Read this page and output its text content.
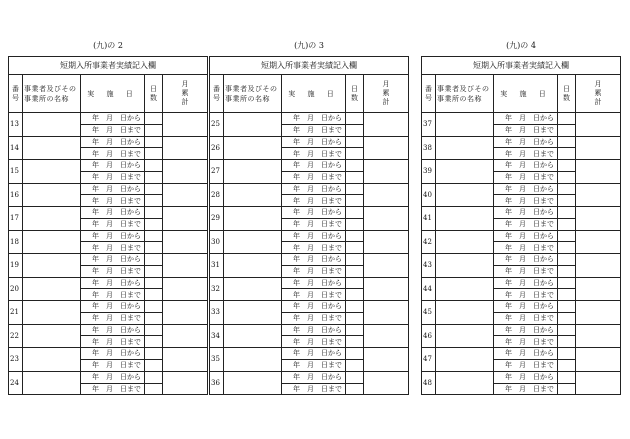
(九)の 2
短期入所事業者実績記入欄
番
号
事業者及びその
事業所の名称
実 施 日
日
数
月
累
計
13
年　月　日から
年　月　日まで
14
年　月　日から
年　月　日まで
15
年　月　日から
年　月　日まで
16
年　月　日から
年　月　日まで
17
年　月　日から
年　月　日まで
18
年　月　日から
年　月　日まで
19
年　月　日から
年　月　日まで
20
年　月　日から
年　月　日まで
21
年　月　日から
年　月　日まで
22
年　月　日から
年　月　日まで
23
年　月　日から
年　月　日まで
24
年　月　日から
年　月　日まで
(九)の 3
短期入所事業者実績記入欄
番
号
事業者及びその
事業所の名称
実 施 日
日
数
月
累
計
25
年　月　日から
年　月　日まで
26
年　月　日から
年　月　日まで
27
年　月　日から
年　月　日まで
28
年　月　日から
年　月　日まで
29
年　月　日から
年　月　日まで
30
年　月　日から
年　月　日まで
31
年　月　日から
年　月　日まで
32
年　月　日から
年　月　日まで
33
年　月　日から
年　月　日まで
34
年　月　日から
年　月　日まで
35
年　月　日から
年　月　日まで
36
年　月　日から
年　月　日まで
(九)の 4
短期入所事業者実績記入欄
番
号
事業者及びその
事業所の名称
実 施 日
日
数
月
累
計
37
年　月　日から
年　月　日まで
38
年　月　日から
年　月　日まで
39
年　月　日から
年　月　日まで
40
年　月　日から
年　月　日まで
41
年　月　日から
年　月　日まで
42
年　月　日から
年　月　日まで
43
年　月　日から
年　月　日まで
44
年　月　日から
年　月　日まで
45
年　月　日から
年　月　日まで
46
年　月　日から
年　月　日まで
47
年　月　日から
年　月　日まで
48
年　月　日から
年　月　日まで
